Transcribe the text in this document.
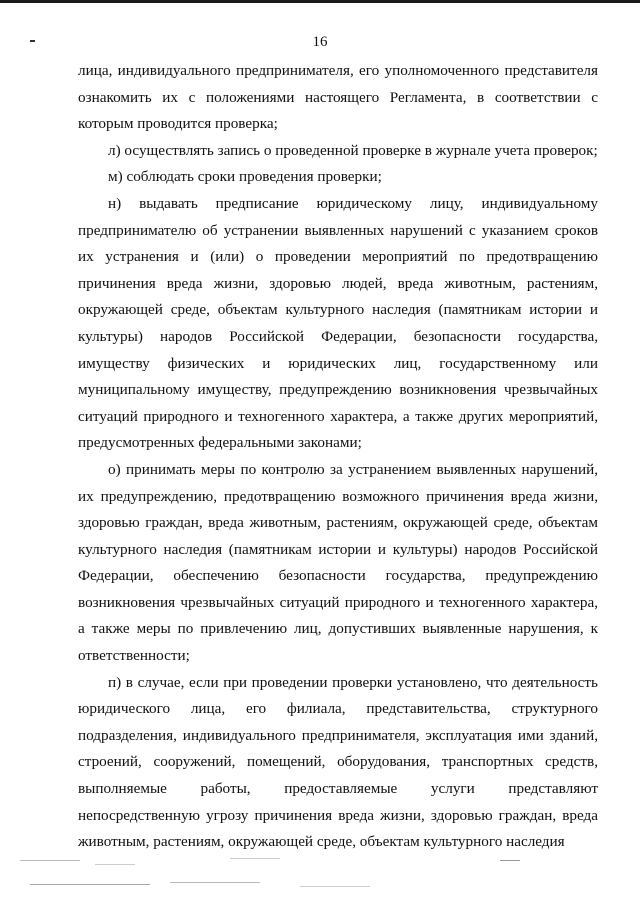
16

лица, индивидуального предпринимателя, его уполномоченного представителя ознакомить их с положениями настоящего Регламента, в соответствии с которым проводится проверка;

л) осуществлять запись о проведенной проверке в журнале учета проверок;

м) соблюдать сроки проведения проверки;

н) выдавать предписание юридическому лицу, индивидуальному предпринимателю об устранении выявленных нарушений с указанием сроков их устранения и (или) о проведении мероприятий по предотвращению причинения вреда жизни, здоровью людей, вреда животным, растениям, окружающей среде, объектам культурного наследия (памятникам истории и культуры) народов Российской Федерации, безопасности государства, имуществу физических и юридических лиц, государственному или муниципальному имуществу, предупреждению возникновения чрезвычайных ситуаций природного и техногенного характера, а также других мероприятий, предусмотренных федеральными законами;

о) принимать меры по контролю за устранением выявленных нарушений, их предупреждению, предотвращению возможного причинения вреда жизни, здоровью граждан, вреда животным, растениям, окружающей среде, объектам культурного наследия (памятникам истории и культуры) народов Российской Федерации, обеспечению безопасности государства, предупреждению возникновения чрезвычайных ситуаций природного и техногенного характера, а также меры по привлечению лиц, допустивших выявленные нарушения, к ответственности;

п) в случае, если при проведении проверки установлено, что деятельность юридического лица, его филиала, представительства, структурного подразделения, индивидуального предпринимателя, эксплуатация ими зданий, строений, сооружений, помещений, оборудования, транспортных средств, выполняемые работы, предоставляемые услуги представляют непосредственную угрозу причинения вреда жизни, здоровью граждан, вреда животным, растениям, окружающей среде, объектам культурного наследия
